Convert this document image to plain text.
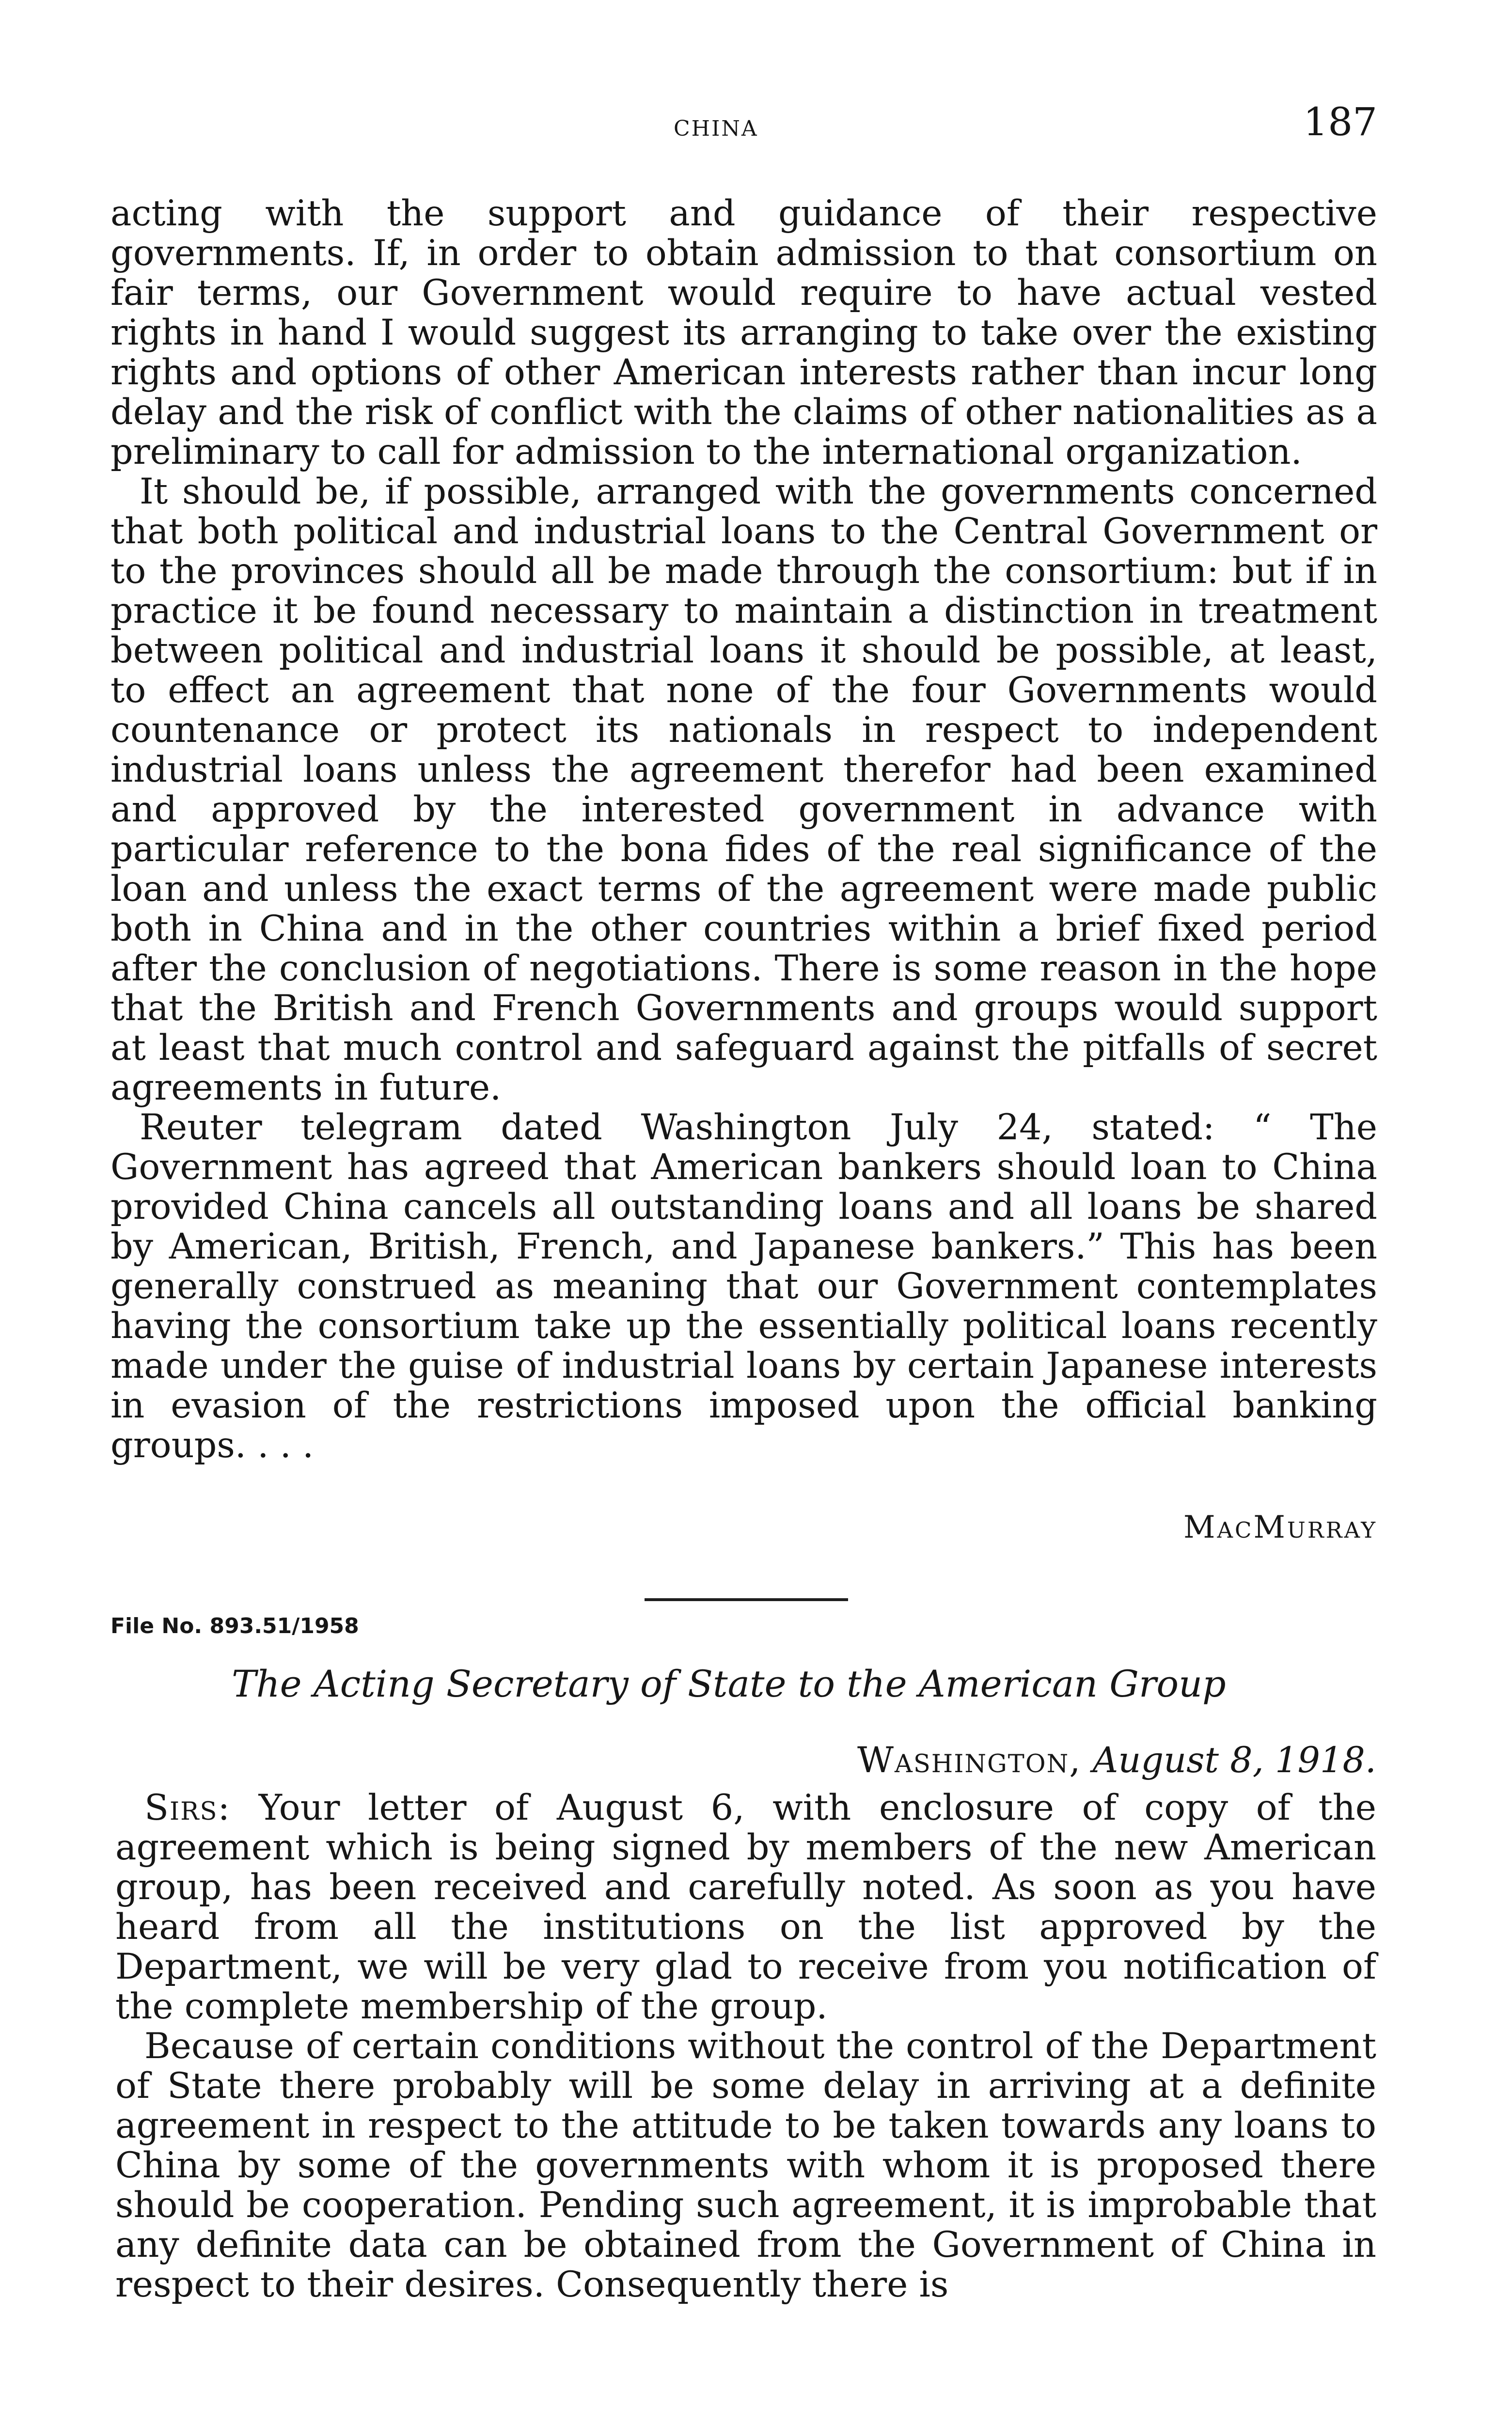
CHINA	187

acting with the support and guidance of their respective governments. If, in order to obtain admission to that consortium on fair terms, our Government would require to have actual vested rights in hand I would suggest its arranging to take over the existing rights and options of other American interests rather than incur long delay and the risk of conflict with the claims of other nationalities as a preliminary to call for admission to the international organization.

It should be, if possible, arranged with the governments concerned that both political and industrial loans to the Central Government or to the provinces should all be made through the consortium: but if in practice it be found necessary to maintain a distinction in treatment between political and industrial loans it should be possible, at least, to effect an agreement that none of the four Governments would countenance or protect its nationals in respect to independent industrial loans unless the agreement therefor had been examined and approved by the interested government in advance with particular reference to the bona fides of the real significance of the loan and unless the exact terms of the agreement were made public both in China and in the other countries within a brief fixed period after the conclusion of negotiations. There is some reason in the hope that the British and French Governments and groups would support at least that much control and safeguard against the pitfalls of secret agreements in future.

Reuter telegram dated Washington July 24, stated: “ The Government has agreed that American bankers should loan to China provided China cancels all outstanding loans and all loans be shared by American, British, French, and Japanese bankers.” This has been generally construed as meaning that our Government contemplates having the consortium take up the essentially political loans recently made under the guise of industrial loans by certain Japanese interests in evasion of the restrictions imposed upon the official banking groups. . . .

MacMurray
File No. 893.51/1958
The Acting Secretary of State to the American Group
Washington, August 8, 1918.

Sirs: Your letter of August 6, with enclosure of copy of the agreement which is being signed by members of the new American group, has been received and carefully noted. As soon as you have heard from all the institutions on the list approved by the Department, we will be very glad to receive from you notification of the complete membership of the group.

Because of certain conditions without the control of the Department of State there probably will be some delay in arriving at a definite agreement in respect to the attitude to be taken towards any loans to China by some of the governments with whom it is proposed there should be cooperation. Pending such agreement, it is improbable that any definite data can be obtained from the Government of China in respect to their desires. Consequently there is
